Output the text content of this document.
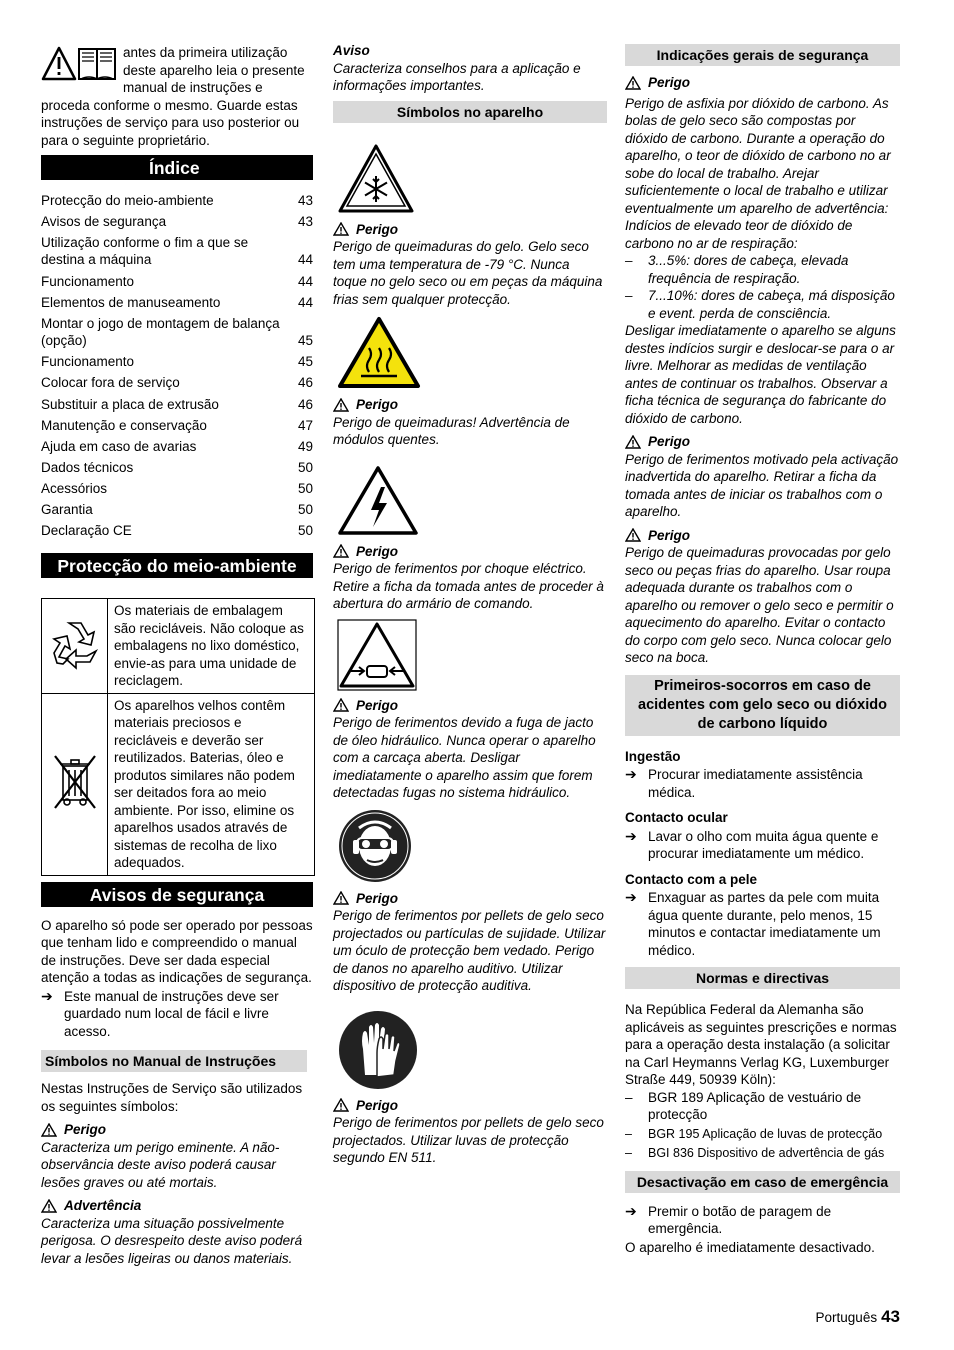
antes da primeira utilização deste aparelho leia o presente

manual de instruções e proceda conforme o mesmo. Guarde estas instruções de serviço para uso posterior ou para o seguinte proprietário.

Índice
Protecção do meio-ambiente	43
Avisos de segurança	43
Utilização conforme o fim a que se destina a máquina	44
Funcionamento	44
Elementos de manuseamento	44
Montar o jogo de montagem de balança (opção)	45
Funcionamento	45
Colocar fora de serviço	46
Substituir a placa de extrusão	46
Manutenção e conservação	47
Ajuda em caso de avarias	49
Dados técnicos	50
Acessórios	50
Garantia	50
Declaração CE	50
Protecção do meio-ambiente
	Os materiais de embalagem são recicláveis. Não coloque as embalagens no lixo doméstico, envie-as para uma unidade de reciclagem.
	Os aparelhos velhos contêm materiais preciosos e recicláveis e deverão ser reutilizados. Baterias, óleo e produtos similares não podem ser deitados fora ao meio ambiente. Por isso, elimine os aparelhos usados através de sistemas de recolha de lixo adequados.
Avisos de segurança

O aparelho só pode ser operado por pessoas que tenham lido e compreendido o manual de instruções. Deve ser dada especial atenção a todas as indicações de segurança.

➔ Este manual de instruções deve ser guardado num local de fácil e livre acesso.
Símbolos no Manual de Instruções

Nestas Instruções de Serviço são utilizados os seguintes símbolos:

Perigo

Caracteriza um perigo eminente. A não-observância deste aviso poderá causar lesões graves ou até mortais.

Advertência

Caracteriza uma situação possivelmente perigosa. O desrespeito deste aviso poderá levar a lesões ligeiras ou danos materiais.

Aviso

Caracteriza conselhos para a aplicação e informações importantes.

Símbolos no aparelho
Perigo

Perigo de queimaduras do gelo. Gelo seco tem uma temperatura de -79 °C. Nunca toque no gelo seco ou em peças da máquina frias sem qualquer protecção.

Perigo

Perigo de queimaduras! Advertência de módulos quentes.

Perigo

Perigo de ferimentos por choque eléctrico. Retire a ficha da tomada antes de proceder à abertura do armário de comando.

Perigo

Perigo de ferimentos devido a fuga de jacto de óleo hidráulico. Nunca operar o aparelho com a carcaça aberta. Desligar imediatamente o aparelho assim que forem detectadas fugas no sistema hidráulico.

Perigo

Perigo de ferimentos por pellets de gelo seco projectados ou partículas de sujidade. Utilizar um óculo de protecção bem vedado. Perigo de danos no aparelho auditivo. Utilizar dispositivo de protecção auditiva.

Perigo

Perigo de ferimentos por pellets de gelo seco projectados. Utilizar luvas de protecção segundo EN 511.

Indicações gerais de segurança
Perigo

Perigo de asfixia por dióxido de carbono. As bolas de gelo seco são compostas por dióxido de carbono. Durante a operação do aparelho, o teor de dióxido de carbono no ar sobe do local de trabalho. Arejar suficientemente o local de trabalho e utilizar eventualmente um aparelho de advertência: Indícios de elevado teor de dióxido de carbono no ar de respiração:

–	3...5%: dores de cabeça, elevada frequência de respiração.
–	7...10%: dores de cabeça, má disposição e event. perda de consciência.

Desligar imediatamente o aparelho se alguns destes indícios surgir e deslocar-se para o ar livre. Melhorar as medidas de ventilação antes de continuar os trabalhos. Observar a ficha técnica de segurança do fabricante do dióxido de carbono.

Perigo

Perigo de ferimentos motivado pela activação inadvertida do aparelho. Retirar a ficha da tomada antes de iniciar os trabalhos com o aparelho.

Perigo

Perigo de queimaduras provocadas por gelo seco ou peças frias do aparelho. Usar roupa adequada durante os trabalhos com o aparelho ou remover o gelo seco e permitir o aquecimento do aparelho. Evitar o contacto do corpo com gelo seco. Nunca colocar gelo seco na boca.

Primeiros-socorros em caso de acidentes com gelo seco ou dióxido de carbono líquido

Ingestão

➔ Procurar imediatamente assistência médica.

Contacto ocular

➔ Lavar o olho com muita água quente e procurar imediatamente um médico.

Contacto com a pele

➔ Enxaguar as partes da pele com muita água quente durante, pelo menos, 15 minutos e contactar imediatamente um médico.
Normas e directivas

Na República Federal da Alemanha são aplicáveis as seguintes prescrições e normas para a operação desta instalação (a solicitar na Carl Heymanns Verlag KG, Luxemburger Straße 449, 50939 Köln):

–	BGR 189 Aplicação de vestuário de protecção
–	BGR 195 Aplicação de luvas de protecção
–	BGI 836 Dispositivo de advertência de gás
Desactivação em caso de emergência
➔ Premir o botão de paragem de emergência.

O aparelho é imediatamente desactivado.

Português 43
